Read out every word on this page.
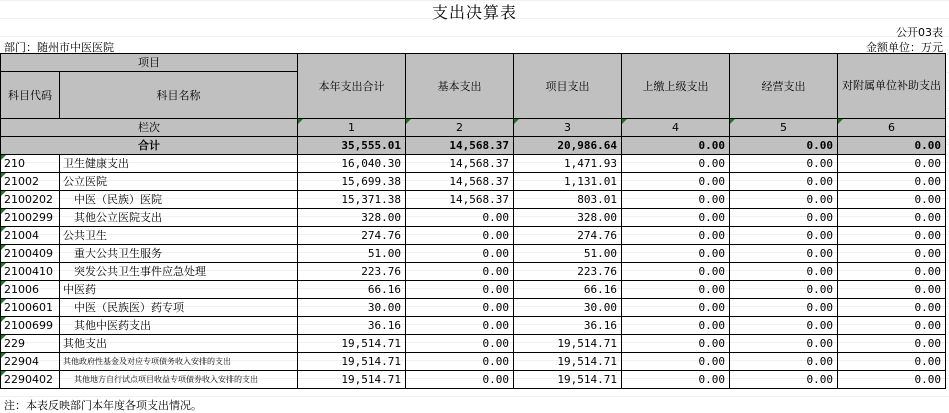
支出决算表
公开03表
部门：随州市中医医院	金额单位：万元
项目		本年支出合计	基本支出	项目支出	上缴上级支出	经营支出	对附属单位补助支出
科目代码	科目名称						

栏次		1	2	3	4	5	6
合计		35,555.01	14,568.37	20,986.64	0.00	0.00	0.00
210	卫生健康支出	16,040.30	14,568.37	1,471.93	0.00	0.00	0.00
21002	公立医院	15,699.38	14,568.37	1,131.01	0.00	0.00	0.00
2100202	中医（民族）医院	15,371.38	14,568.37	803.01	0.00	0.00	0.00
2100299	其他公立医院支出	328.00	0.00	328.00	0.00	0.00	0.00
21004	公共卫生	274.76	0.00	274.76	0.00	0.00	0.00
2100409	重大公共卫生服务	51.00	0.00	51.00	0.00	0.00	0.00
2100410	突发公共卫生事件应急处理	223.76	0.00	223.76	0.00	0.00	0.00
21006	中医药	66.16	0.00	66.16	0.00	0.00	0.00
2100601	中医（民族医）药专项	30.00	0.00	30.00	0.00	0.00	0.00
2100699	其他中医药支出	36.16	0.00	36.16	0.00	0.00	0.00
229	其他支出	19,514.71	0.00	19,514.71	0.00	0.00	0.00
22904	其他政府性基金及对应专项债务收入安排的支出	19,514.71	0.00	19,514.71	0.00	0.00	0.00
2290402	其他地方自行试点项目收益专项债券收入安排的支出	19,514.71	0.00	19,514.71	0.00	0.00	0.00
注：本表反映部门本年度各项支出情况。
